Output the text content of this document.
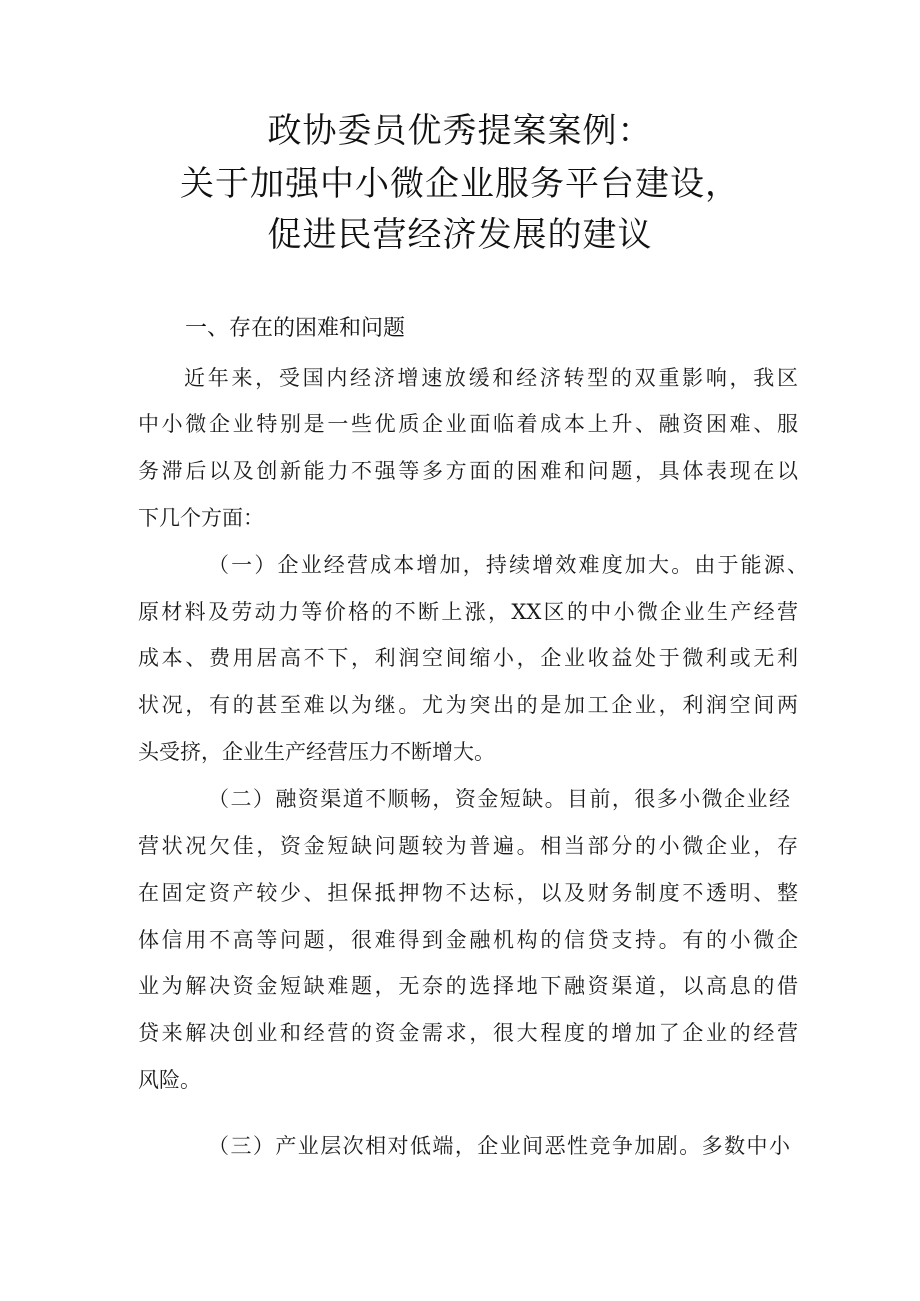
政协委员优秀提案案例：
关于加强中小微企业服务平台建设，
促进民营经济发展的建议
一、存在的困难和问题
近年来，受国内经济增速放缓和经济转型的双重影响，我区
中小微企业特别是一些优质企业面临着成本上升、融资困难、服
务滞后以及创新能力不强等多方面的困难和问题，具体表现在以
下几个方面：
（一）企业经营成本增加，持续增效难度加大。由于能源、
原材料及劳动力等价格的不断上涨，XX区的中小微企业生产经营
成本、费用居高不下，利润空间缩小，企业收益处于微利或无利
状况，有的甚至难以为继。尤为突出的是加工企业，利润空间两
头受挤，企业生产经营压力不断增大。
（二）融资渠道不顺畅，资金短缺。目前，很多小微企业经
营状况欠佳，资金短缺问题较为普遍。相当部分的小微企业，存
在固定资产较少、担保抵押物不达标，以及财务制度不透明、整
体信用不高等问题，很难得到金融机构的信贷支持。有的小微企
业为解决资金短缺难题，无奈的选择地下融资渠道，以高息的借
贷来解决创业和经营的资金需求，很大程度的增加了企业的经营
风险。
（三）产业层次相对低端，企业间恶性竞争加剧。多数中小
